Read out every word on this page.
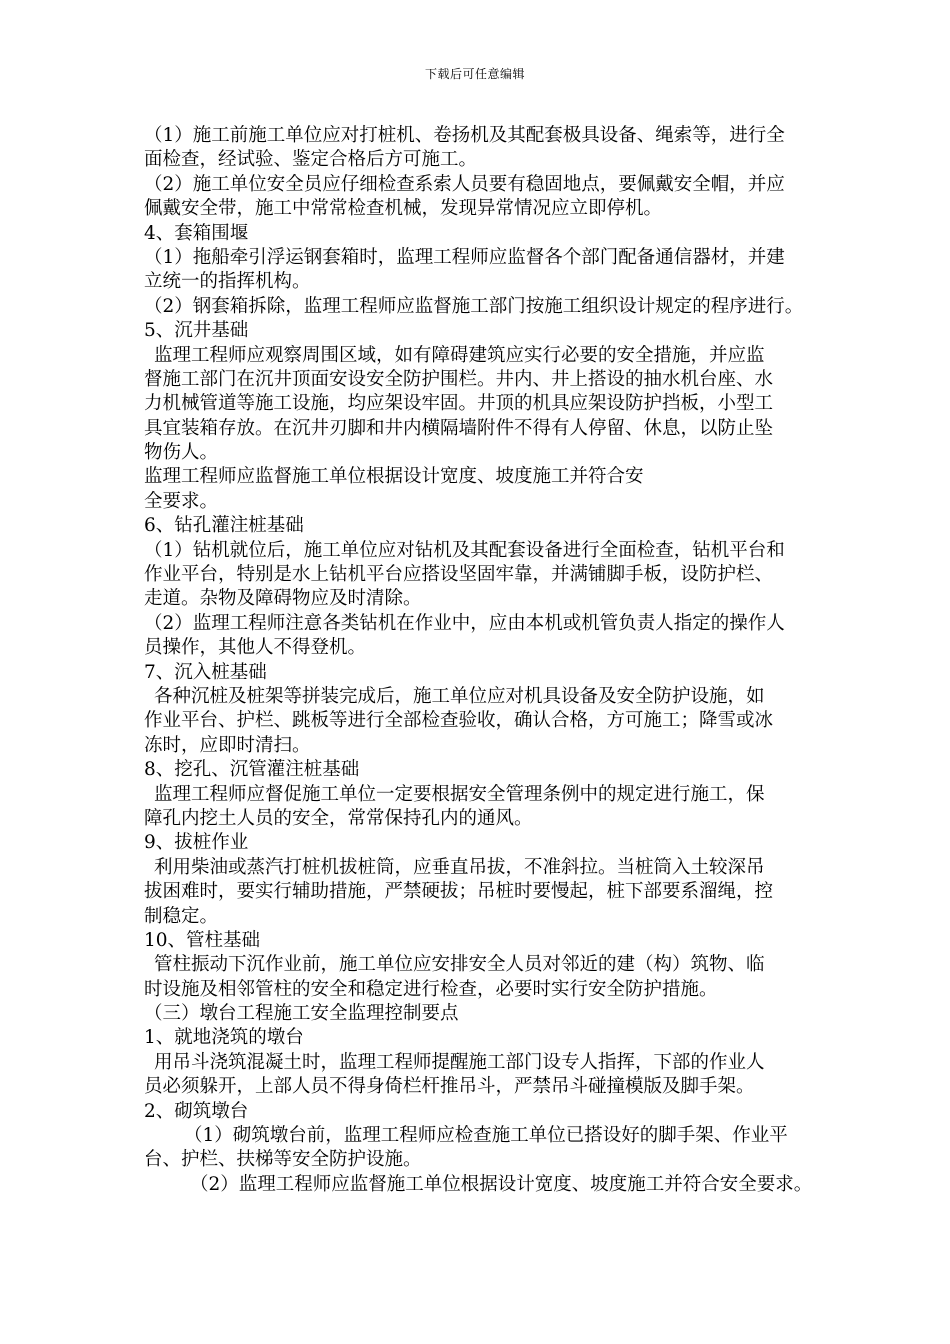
下载后可任意编辑
（1）施工前施工单位应对打桩机、卷扬机及其配套极具设备、绳索等，进行全
面检查，经试验、鉴定合格后方可施工。
（2）施工单位安全员应仔细检查系索人员要有稳固地点，要佩戴安全帽，并应
佩戴安全带，施工中常常检查机械，发现异常情况应立即停机。
4、套箱围堰
（1）拖船牵引浮运钢套箱时，监理工程师应监督各个部门配备通信器材，并建
立统一的指挥机构。
（2）钢套箱拆除，监理工程师应监督施工部门按施工组织设计规定的程序进行。
5、沉井基础
监理工程师应观察周围区域，如有障碍建筑应实行必要的安全措施，并应监
督施工部门在沉井顶面安设安全防护围栏。井内、井上搭设的抽水机台座、水
力机械管道等施工设施，均应架设牢固。井顶的机具应架设防护挡板，小型工
具宜装箱存放。在沉井刃脚和井内横隔墙附件不得有人停留、休息，以防止坠
物伤人。
监理工程师应监督施工单位根据设计宽度、坡度施工并符合安
全要求。
6、钻孔灌注桩基础
（1）钻机就位后，施工单位应对钻机及其配套设备进行全面检查，钻机平台和
作业平台，特别是水上钻机平台应搭设坚固牢靠，并满铺脚手板，设防护栏、
走道。杂物及障碍物应及时清除。
（2）监理工程师注意各类钻机在作业中，应由本机或机管负责人指定的操作人
员操作，其他人不得登机。
7、沉入桩基础
各种沉桩及桩架等拼装完成后，施工单位应对机具设备及安全防护设施，如
作业平台、护栏、跳板等进行全部检查验收，确认合格，方可施工；降雪或冰
冻时，应即时清扫。
8、挖孔、沉管灌注桩基础
监理工程师应督促施工单位一定要根据安全管理条例中的规定进行施工，保
障孔内挖土人员的安全，常常保持孔内的通风。
9、拔桩作业
利用柴油或蒸汽打桩机拔桩筒，应垂直吊拔，不准斜拉。当桩筒入土较深吊
拔困难时，要实行辅助措施，严禁硬拔；吊桩时要慢起，桩下部要系溜绳，控
制稳定。
10、管柱基础
管柱振动下沉作业前，施工单位应安排安全人员对邻近的建（构）筑物、临
时设施及相邻管柱的安全和稳定进行检查，必要时实行安全防护措施。
（三）墩台工程施工安全监理控制要点
1、就地浇筑的墩台
用吊斗浇筑混凝土时，监理工程师提醒施工部门设专人指挥，下部的作业人
员必须躲开，上部人员不得身倚栏杆推吊斗，严禁吊斗碰撞模版及脚手架。
2、砌筑墩台
（1）砌筑墩台前，监理工程师应检查施工单位已搭设好的脚手架、作业平
台、护栏、扶梯等安全防护设施。
（2）监理工程师应监督施工单位根据设计宽度、坡度施工并符合安全要求。
